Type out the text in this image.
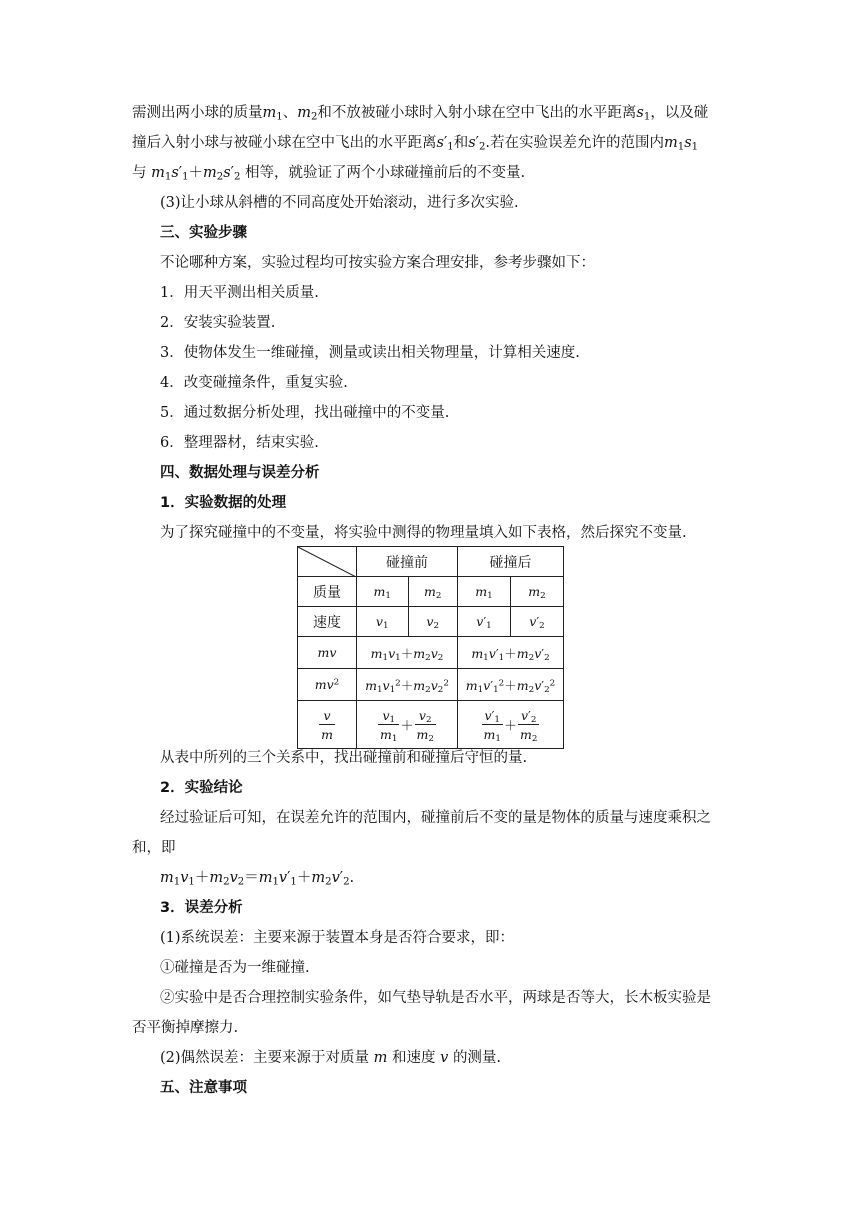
需测出两小球的质量$m_1$、$m_2$和不放被碰小球时入射小球在空中飞出的水平距离$s_1$，以及碰
撞后入射小球与被碰小球在空中飞出的水平距离$s'_1$和$s'_2$.若在实验误差允许的范围内$m_1s_1$
与 $m_1s'_1+m_2s'_2$ 相等，就验证了两个小球碰撞前后的不变量.
(3)让小球从斜槽的不同高度处开始滚动，进行多次实验.
三、实验步骤
不论哪种方案，实验过程均可按实验方案合理安排，参考步骤如下：
1．用天平测出相关质量.
2．安装实验装置.
3．使物体发生一维碰撞，测量或读出相关物理量，计算相关速度.
4．改变碰撞条件，重复实验.
5．通过数据分析处理，找出碰撞中的不变量.
6．整理器材，结束实验.
四、数据处理与误差分析
1．实验数据的处理
为了探究碰撞中的不变量，将实验中测得的物理量填入如下表格，然后探究不变量.
	碰撞前		碰撞后	
质量	$m_1$	$m_2$	$m_1$	$m_2$
速度	$v_1$	$v_2$	$v'_1$	$v'_2$
mv	$m_1v_1+m_2v_2$		$m_1v'_1+m_2v'_2$
$mv^2$	$m_1v_1^2+m_2v_2^2$		$m_1v'_1^2+m_2v'_2^2$

$\frac{v}{m}$	$\frac{v_1}{m_1} + \frac{v_2}{m_2}$		$\frac{v'_1}{m_1} + \frac{v'_2}{m_2}$
从表中所列的三个关系中，找出碰撞前和碰撞后守恒的量.
2．实验结论
经过验证后可知，在误差允许的范围内，碰撞前后不变的量是物体的质量与速度乘积之
和，即
$m_1v_1+m_2v_2=m_1v'_1+m_2v'_2$.
3．误差分析
(1)系统误差：主要来源于装置本身是否符合要求，即：
①碰撞是否为一维碰撞.
②实验中是否合理控制实验条件，如气垫导轨是否水平，两球是否等大，长木板实验是
否平衡掉摩擦力.
(2)偶然误差：主要来源于对质量 m 和速度 v 的测量.
五、注意事项
